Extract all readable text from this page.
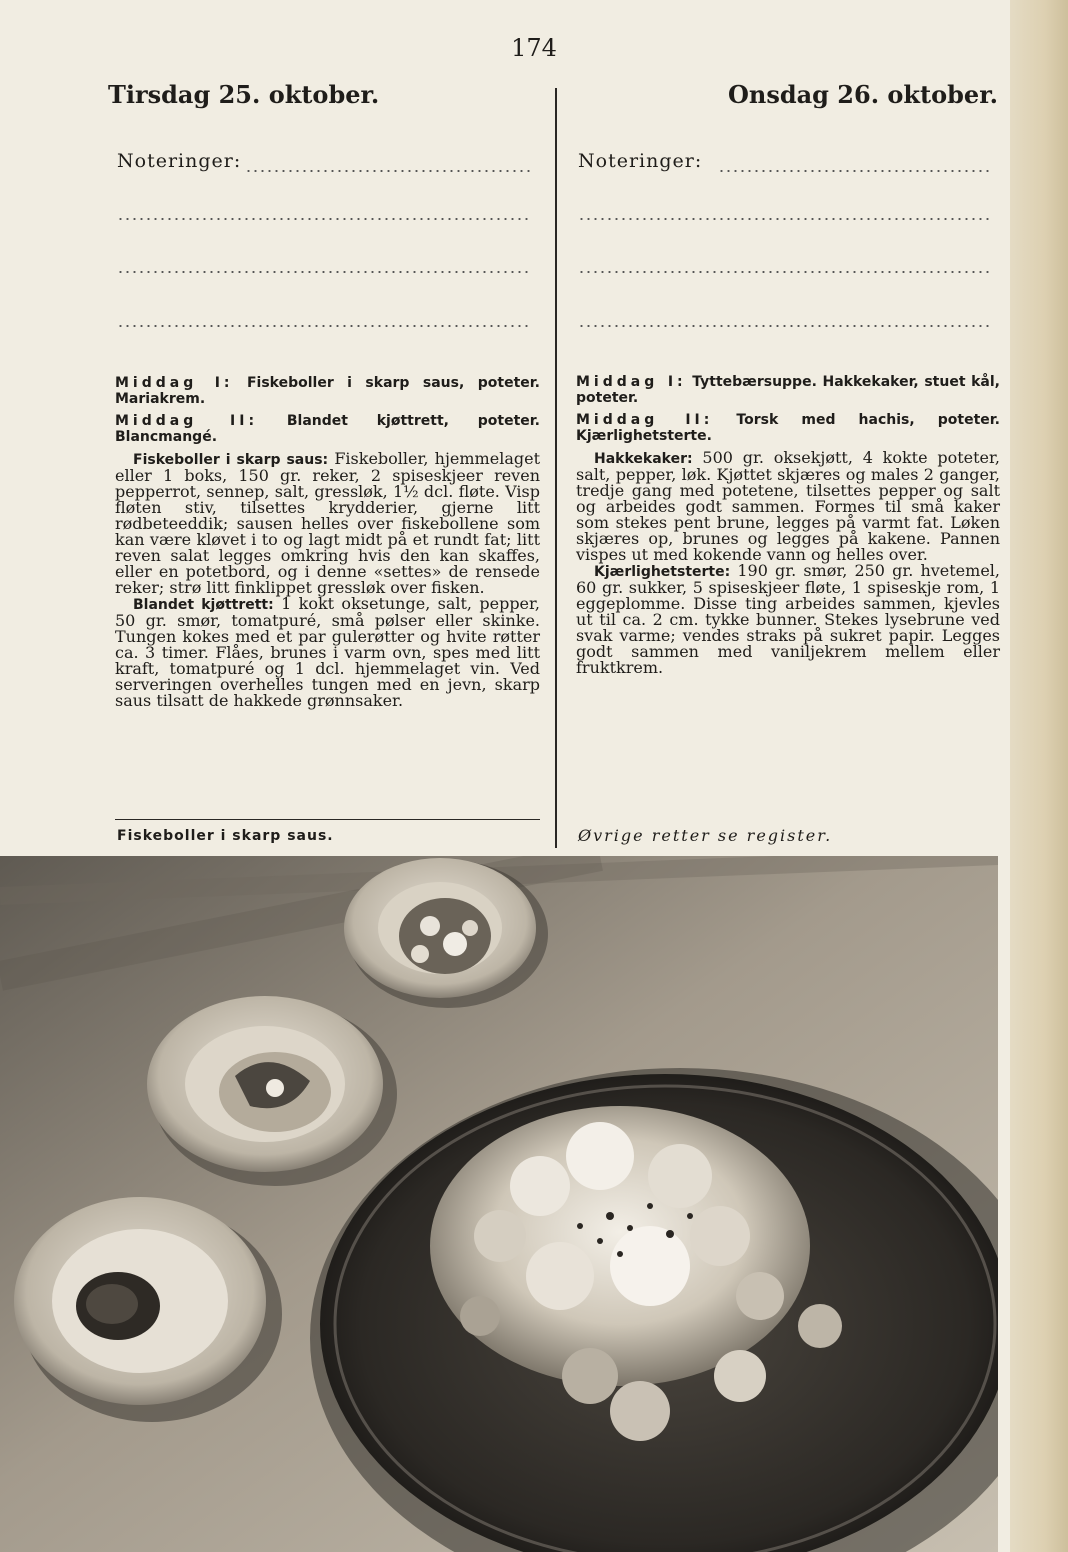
174
Tirsdag 25. oktober.	Onsdag 26. oktober.
Noteringer:	Noteringer:
Middag I: Fiskeboller i skarp saus, poteter. Mariakrem.
Middag II: Blandet kjøttrett, poteter. Blancmangé.

Fiskeboller i skarp saus: Fiskeboller, hjemmelaget eller 1 boks, 150 gr. reker, 2 spiseskjeer reven pepperrot, sennep, salt, gressløk, 1½ dcl. fløte. Visp fløten stiv, tilsettes krydderier, gjerne litt rødbeteeddik; sausen helles over fiskebollene som kan være kløvet i to og lagt midt på et rundt fat; litt reven salat legges omkring hvis den kan skaffes, eller en potetbord, og i denne «settes» de rensede reker; strø litt finklippet gressløk over fisken.

Blandet kjøttrett: 1 kokt oksetunge, salt, pepper, 50 gr. smør, tomatpuré, små pølser eller skinke. Tungen kokes med et par gulerøtter og hvite røtter ca. 3 timer. Flåes, brunes i varm ovn, spes med litt kraft, tomatpuré og 1 dcl. hjemmelaget vin. Ved serveringen overhelles tungen med en jevn, skarp saus tilsatt de hakkede grønnsaker.

Middag I: Tyttebærsuppe. Hakkekaker, stuet kål, poteter.
Middag II: Torsk med hachis, poteter. Kjærlighetsterte.

Hakkekaker: 500 gr. oksekjøtt, 4 kokte poteter, salt, pepper, løk. Kjøttet skjæres og males 2 ganger, tredje gang med potetene, tilsettes pepper og salt og arbeides godt sammen. Formes til små kaker som stekes pent brune, legges på varmt fat. Løken skjæres op, brunes og legges på kakene. Pannen vispes ut med kokende vann og helles over.

Kjærlighetsterte: 190 gr. smør, 250 gr. hvetemel, 60 gr. sukker, 5 spiseskjeer fløte, 1 spiseskje rom, 1 eggeplomme. Disse ting arbeides sammen, kjevles ut til ca. 2 cm. tykke bunner. Stekes lysebrune ved svak varme; vendes straks på sukret papir. Legges godt sammen med vaniljekrem mellem eller fruktkrem.

Fiskeboller i skarp saus.	Øvrige retter se register.
